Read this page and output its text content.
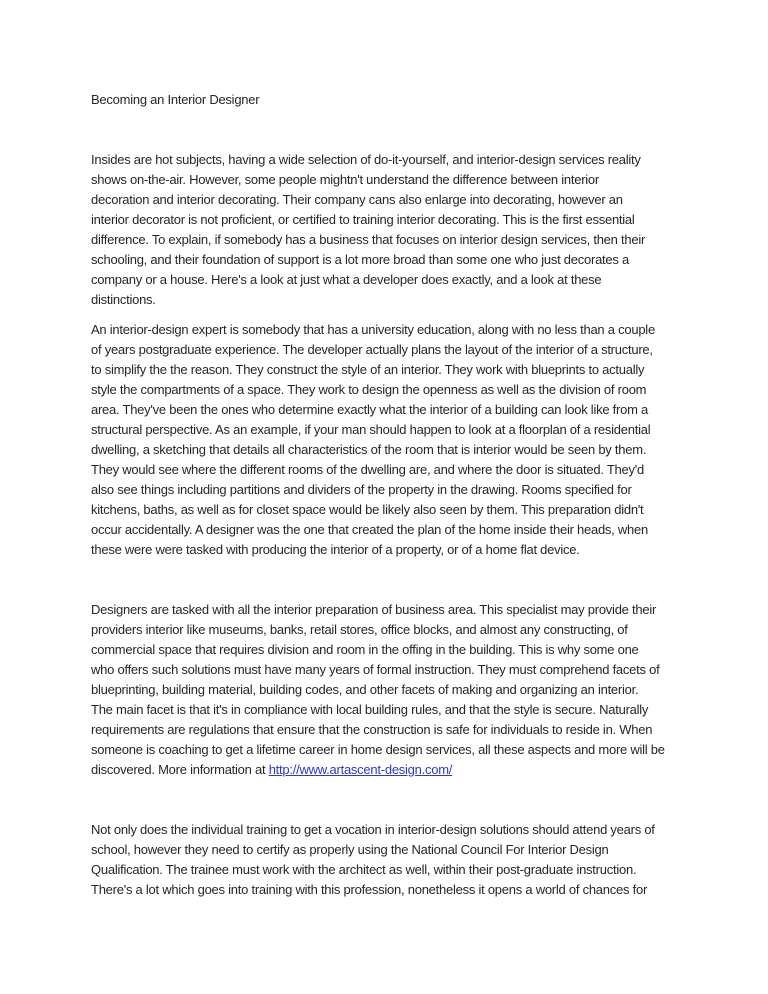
Becoming an Interior Designer

Insides are hot subjects, having a wide selection of do-it-yourself, and interior-design services reality
shows on-the-air. However, some people mightn't understand the difference between interior
decoration and interior decorating. Their company cans also enlarge into decorating, however an
interior decorator is not proficient, or certified to training interior decorating. This is the first essential
difference. To explain, if somebody has a business that focuses on interior design services, then their
schooling, and their foundation of support is a lot more broad than some one who just decorates a
company or a house. Here's a look at just what a developer does exactly, and a look at these
distinctions.
An interior-design expert is somebody that has a university education, along with no less than a couple
of years postgraduate experience. The developer actually plans the layout of the interior of a structure,
to simplify the the reason. They construct the style of an interior. They work with blueprints to actually
style the compartments of a space. They work to design the openness as well as the division of room
area. They've been the ones who determine exactly what the interior of a building can look like from a
structural perspective. As an example, if your man should happen to look at a floorplan of a residential
dwelling, a sketching that details all characteristics of the room that is interior would be seen by them.
They would see where the different rooms of the dwelling are, and where the door is situated. They'd
also see things including partitions and dividers of the property in the drawing. Rooms specified for
kitchens, baths, as well as for closet space would be likely also seen by them. This preparation didn't
occur accidentally. A designer was the one that created the plan of the home inside their heads, when
these were were tasked with producing the interior of a property, or of a home flat device.

Designers are tasked with all the interior preparation of business area. This specialist may provide their
providers interior like museums, banks, retail stores, office blocks, and almost any constructing, of
commercial space that requires division and room in the offing in the building. This is why some one
who offers such solutions must have many years of formal instruction. They must comprehend facets of
blueprinting, building material, building codes, and other facets of making and organizing an interior.
The main facet is that it's in compliance with local building rules, and that the style is secure. Naturally
requirements are regulations that ensure that the construction is safe for individuals to reside in. When
someone is coaching to get a lifetime career in home design services, all these aspects and more will be
discovered. More information at http://www.artascent-design.com/

Not only does the individual training to get a vocation in interior-design solutions should attend years of
school, however they need to certify as properly using the National Council For Interior Design
Qualification. The trainee must work with the architect as well, within their post-graduate instruction.
There's a lot which goes into training with this profession, nonetheless it opens a world of chances for
